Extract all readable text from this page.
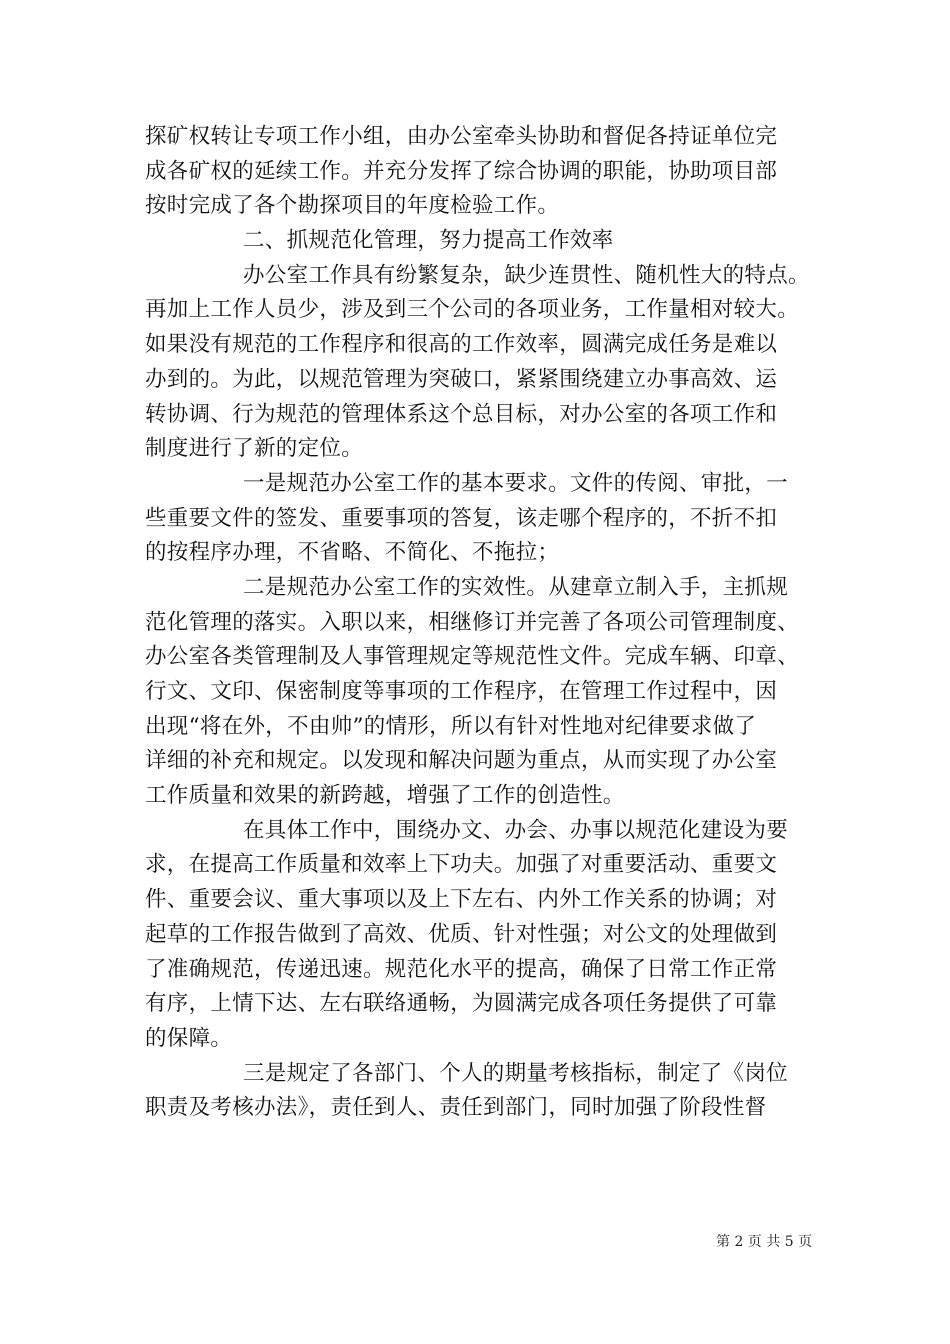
探矿权转让专项工作小组，由办公室牵头协助和督促各持证单位完
成各矿权的延续工作。并充分发挥了综合协调的职能，协助项目部
按时完成了各个勘探项目的年度检验工作。
二、抓规范化管理，努力提高工作效率
办公室工作具有纷繁复杂，缺少连贯性、随机性大的特点。
再加上工作人员少，涉及到三个公司的各项业务，工作量相对较大。
如果没有规范的工作程序和很高的工作效率，圆满完成任务是难以
办到的。为此，以规范管理为突破口，紧紧围绕建立办事高效、运
转协调、行为规范的管理体系这个总目标，对办公室的各项工作和
制度进行了新的定位。
一是规范办公室工作的基本要求。文件的传阅、审批，一
些重要文件的签发、重要事项的答复，该走哪个程序的，不折不扣
的按程序办理，不省略、不简化、不拖拉；
二是规范办公室工作的实效性。从建章立制入手，主抓规
范化管理的落实。入职以来，相继修订并完善了各项公司管理制度、
办公室各类管理制及人事管理规定等规范性文件。完成车辆、印章、
行文、文印、保密制度等事项的工作程序，在管理工作过程中，因
出现“将在外，不由帅”的情形，所以有针对性地对纪律要求做了
详细的补充和规定。以发现和解决问题为重点，从而实现了办公室
工作质量和效果的新跨越，增强了工作的创造性。
在具体工作中，围绕办文、办会、办事以规范化建设为要
求，在提高工作质量和效率上下功夫。加强了对重要活动、重要文
件、重要会议、重大事项以及上下左右、内外工作关系的协调；对
起草的工作报告做到了高效、优质、针对性强；对公文的处理做到
了准确规范，传递迅速。规范化水平的提高，确保了日常工作正常
有序，上情下达、左右联络通畅，为圆满完成各项任务提供了可靠
的保障。
三是规定了各部门、个人的期量考核指标，制定了《岗位
职责及考核办法》，责任到人、责任到部门，同时加强了阶段性督
第 2 页 共 5 页
